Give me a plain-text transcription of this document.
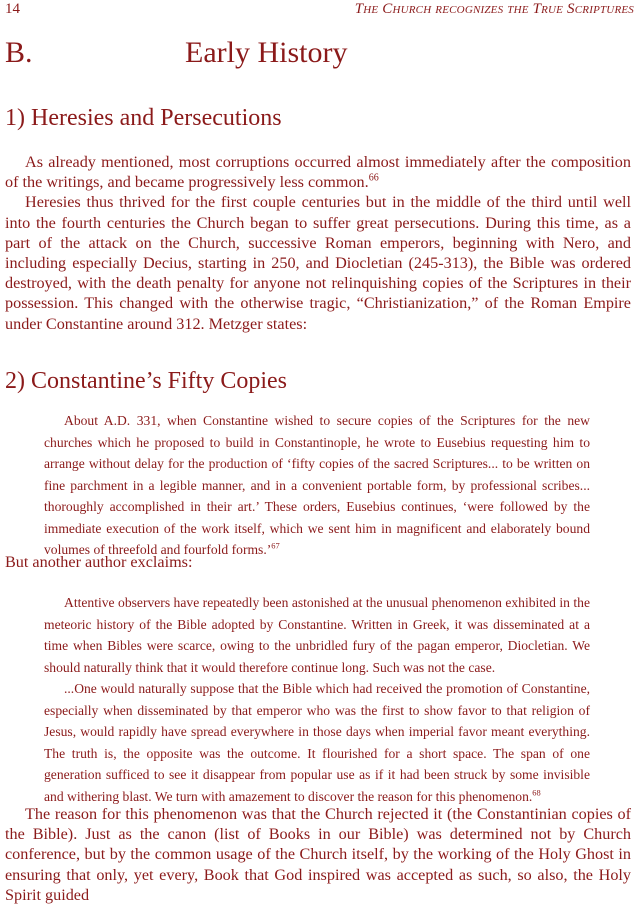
14	The Church recognizes the True Scriptures
B.	Early History
1) Heresies and Persecutions

As already mentioned, most corruptions occurred almost immediately after the composition of the writings, and became progressively less common.$^{66}$

Heresies thus thrived for the first couple centuries but in the middle of the third until well into the fourth centuries the Church began to suffer great persecutions. During this time, as a part of the attack on the Church, successive Roman emperors, beginning with Nero, and including especially Decius, starting in 250, and Diocletian (245-313), the Bible was ordered destroyed, with the death penalty for anyone not relinquishing copies of the Scriptures in their possession. This changed with the otherwise tragic, “Christianization,” of the Roman Empire under Constantine around 312. Metzger states:

2) Constantine’s Fifty Copies

About A.D. 331, when Constantine wished to secure copies of the Scriptures for the new churches which he proposed to build in Constantinople, he wrote to Eusebius requesting him to arrange without delay for the production of ‘fifty copies of the sacred Scriptures... to be written on fine parchment in a legible manner, and in a convenient portable form, by professional scribes... thoroughly accomplished in their art.’ These orders, Eusebius continues, ‘were followed by the immediate execution of the work itself, which we sent him in magnificent and elaborately bound volumes of threefold and fourfold forms.’$^{67}$

But another author exclaims:

Attentive observers have repeatedly been astonished at the unusual phenomenon exhibited in the meteoric history of the Bible adopted by Constantine. Written in Greek, it was disseminated at a time when Bibles were scarce, owing to the unbridled fury of the pagan emperor, Diocletian. We should naturally think that it would therefore continue long. Such was not the case.

...One would naturally suppose that the Bible which had received the promotion of Constantine, especially when disseminated by that emperor who was the first to show favor to that religion of Jesus, would rapidly have spread everywhere in those days when imperial favor meant everything. The truth is, the opposite was the outcome. It flourished for a short space. The span of one generation sufficed to see it disappear from popular use as if it had been struck by some invisible and withering blast. We turn with amazement to discover the reason for this phenomenon.$^{68}$

The reason for this phenomenon was that the Church rejected it (the Constantinian copies of the Bible). Just as the canon (list of Books in our Bible) was determined not by Church conference, but by the common usage of the Church itself, by the working of the Holy Ghost in ensuring that only, yet every, Book that God inspired was accepted as such, so also, the Holy Spirit guided
